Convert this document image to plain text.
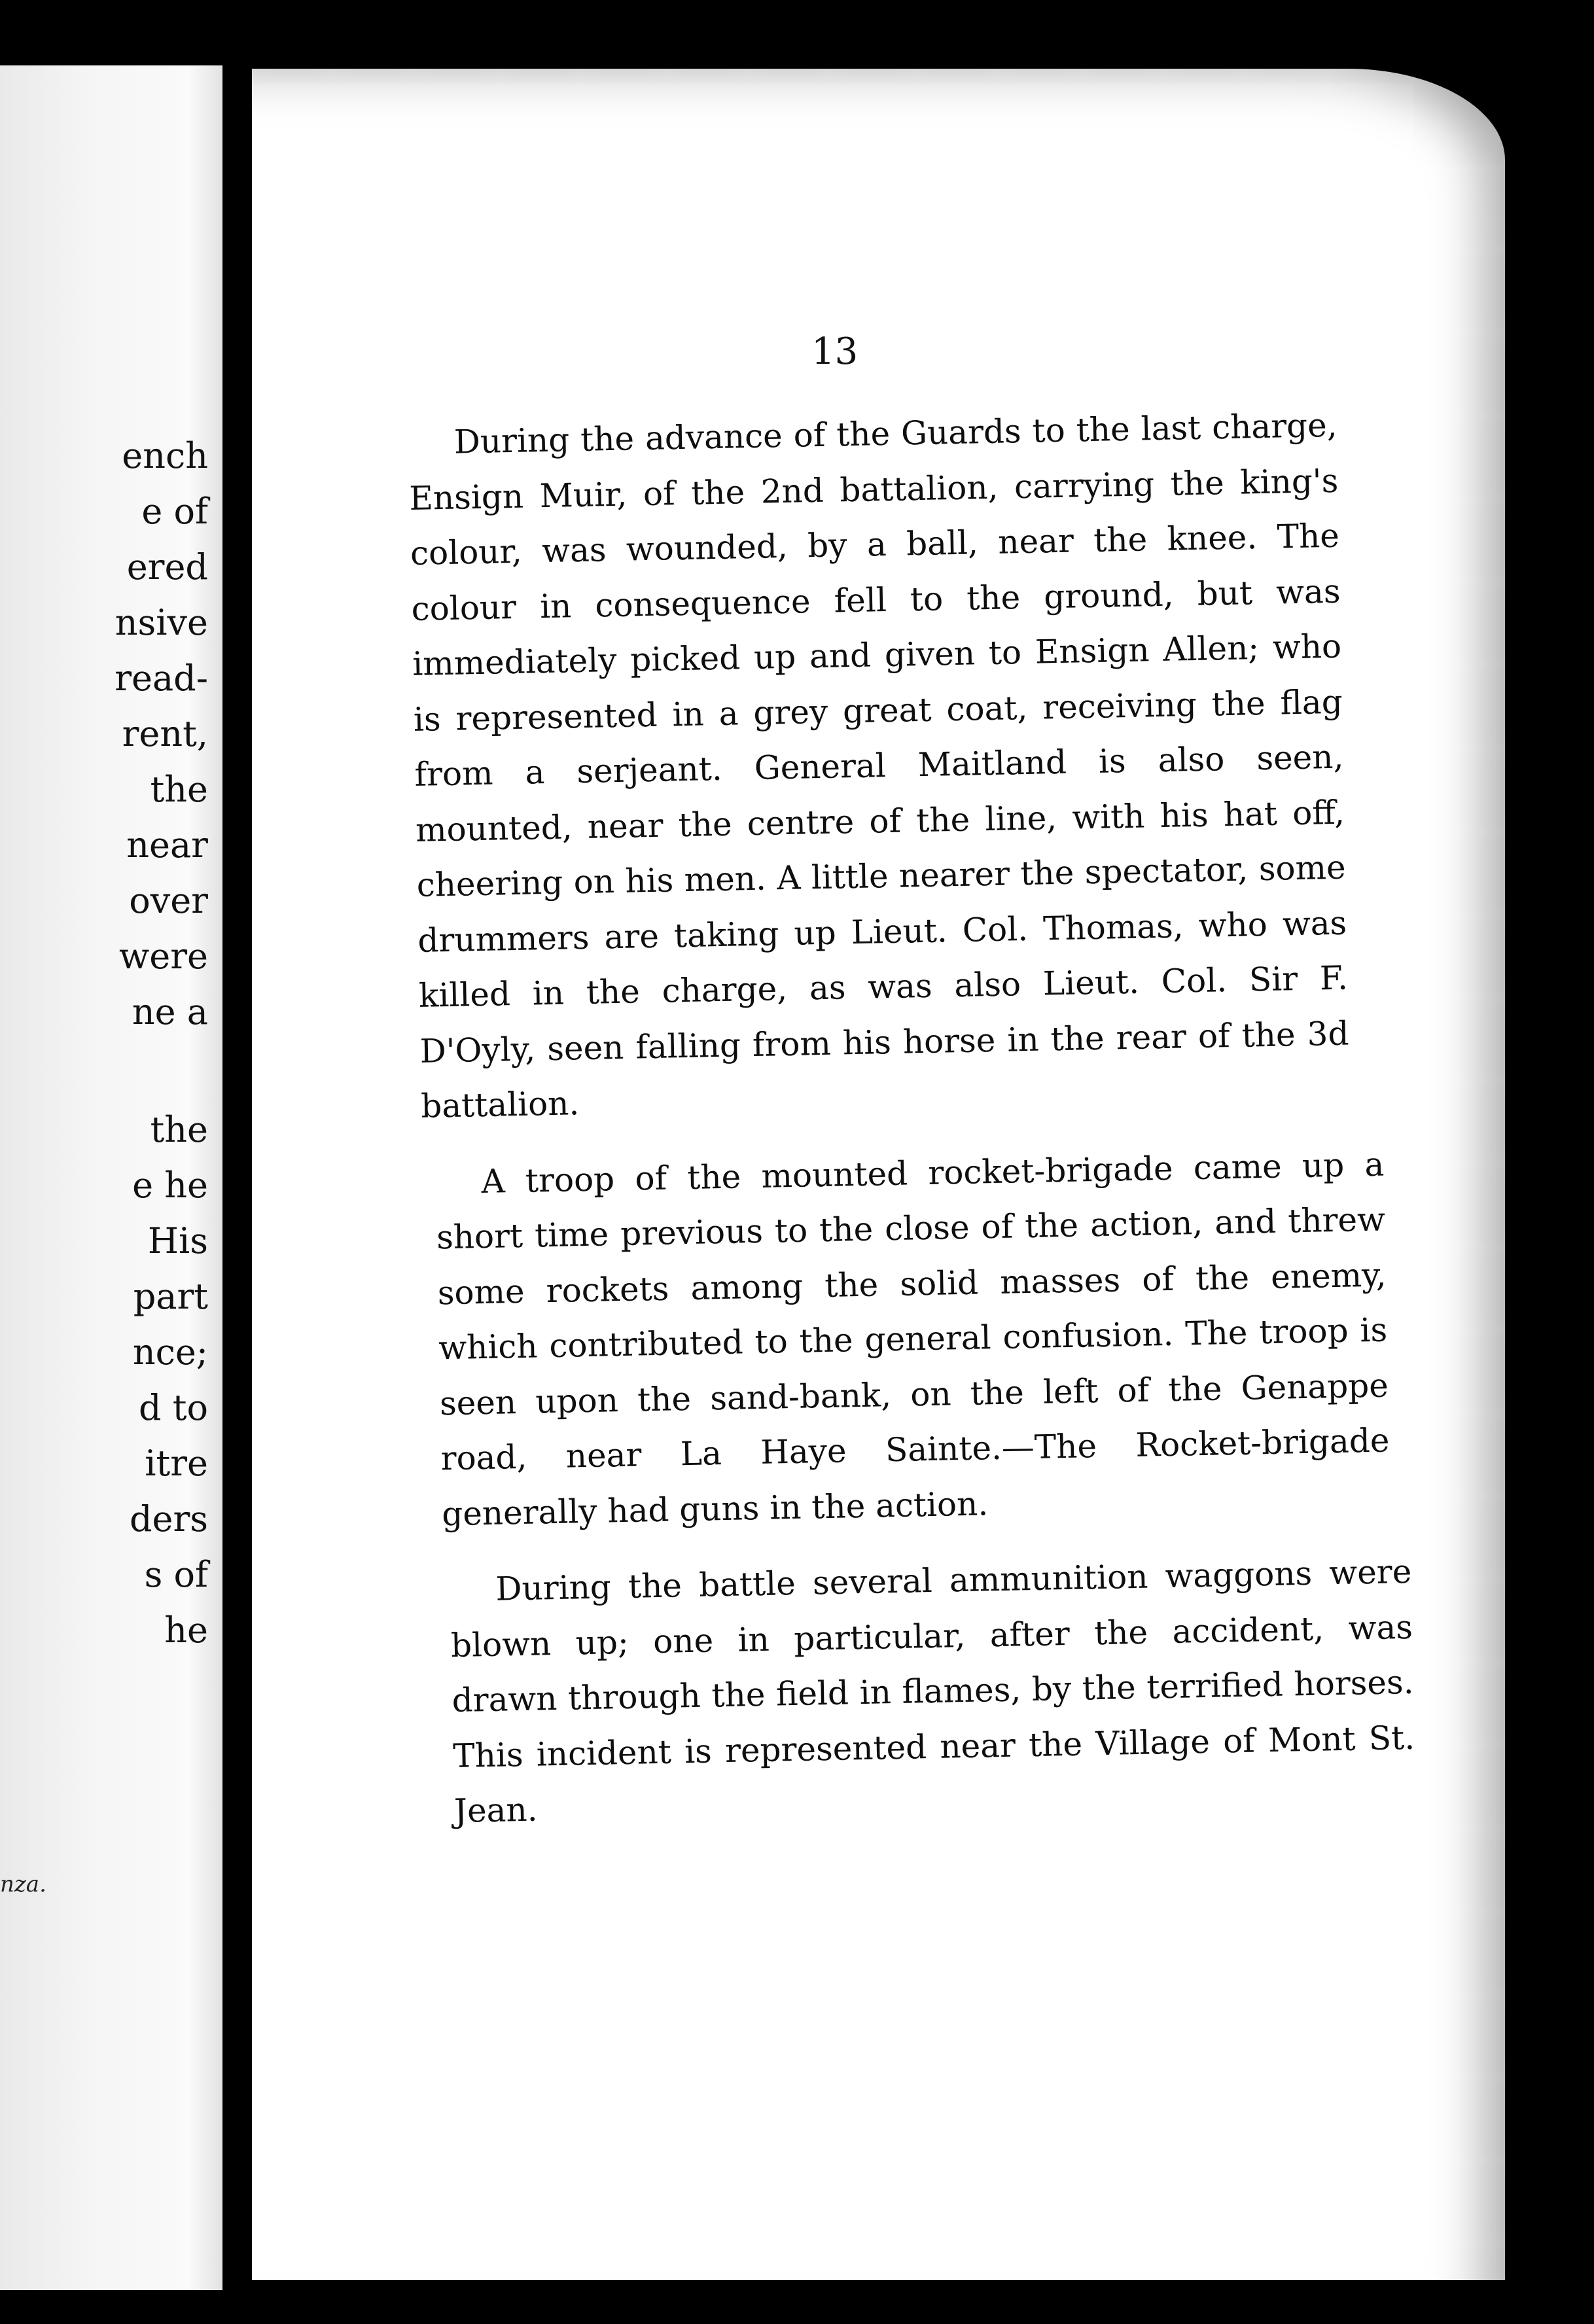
ench
e of
ered
nsive
read-
rent,
the
near
over
were
ne a
the
e he
His
part
nce;
d to
itre
ders
s of
he
nza.
13

During the advance of the Guards to the last charge, Ensign Muir, of the 2nd battalion, carrying the king's colour, was wounded, by a ball, near the knee. The colour in consequence fell to the ground, but was immediately picked up and given to Ensign Allen; who is represented in a grey great coat, receiving the flag from a serjeant. General Maitland is also seen, mounted, near the centre of the line, with his hat off, cheering on his men. A little nearer the spectator, some drummers are taking up Lieut. Col. Thomas, who was killed in the charge, as was also Lieut. Col. Sir F. D'Oyly, seen falling from his horse in the rear of the 3d battalion.

A troop of the mounted rocket-brigade came up a short time previous to the close of the action, and threw some rockets among the solid masses of the enemy, which contributed to the general confusion. The troop is seen upon the sand-bank, on the left of the Genappe road, near La Haye Sainte.—The Rocket-brigade generally had guns in the action.

During the battle several ammunition waggons were blown up; one in particular, after the accident, was drawn through the field in flames, by the terrified horses. This incident is represented near the Village of Mont St. Jean.
